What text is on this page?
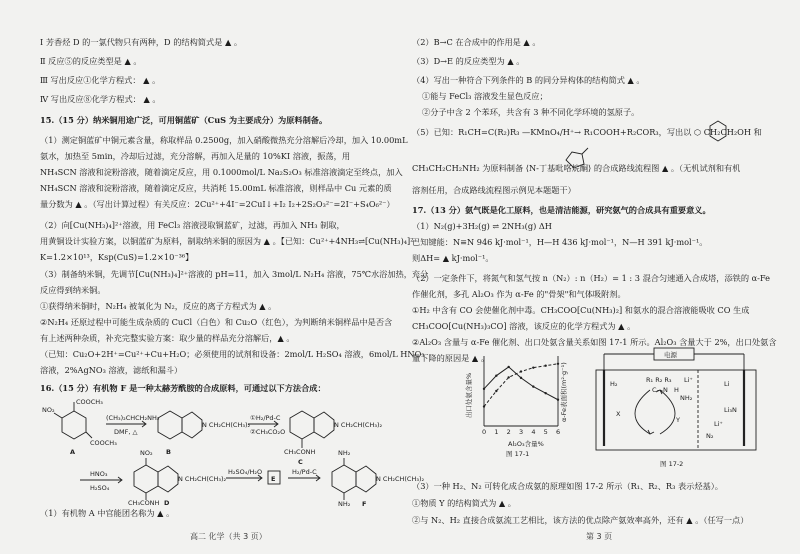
Ⅰ 芳香烃 D 的一氯代物只有两种，D 的结构简式是 ▲ 。
Ⅱ 反应⑤的反应类型是 ▲ 。
Ⅲ 写出反应①化学方程式： ▲ 。
Ⅳ 写出反应⑧化学方程式： ▲ 。
15.（15 分）纳米铜用途广泛，可用铜蓝矿（CuS 为主要成分）为原料制备。
（1）测定铜蓝矿中铜元素含量，称取样品 0.2500g，加入硝酸微热充分溶解后冷却，加入 10.00mL
氨水，加热至 5min，冷却后过滤，充分溶解，再加入足量的 10%KI 溶液，振荡，用
NH₄SCN 溶液和淀粉溶液，随着滴定反应，用 0.1000mol/L Na₂S₂O₃ 标准溶液滴定至终点，加入
NH₄SCN 溶液和淀粉溶液，随着滴定反应，共消耗 15.00mL 标准溶液，则样品中 Cu 元素的质
量分数为 ▲ 。（写出计算过程）有关反应：2Cu²⁺+4I⁻=2CuI↓+I₂ I₂+2S₂O₃²⁻=2I⁻+S₄O₆²⁻）
（2）向[Cu(NH₃)₄]²⁺溶液，用 FeCl₃ 溶液浸取铜蓝矿，过滤，再加入 NH₃ 制取，
用黄铜设计实验方案，以铜蓝矿为原料，制取纳米铜的原因为 ▲ 。【已知：Cu²⁺+4NH₃⇌[Cu(NH₃)₄]²⁺
K=1.2×10¹³，Ksp(CuS)=1.2×10⁻³⁶】
（3）制备纳米铜，先调节[Cu(NH₃)₄]²⁺溶液的 pH=11，加入 3mol/L N₂H₄ 溶液，75℃水浴加热，充分
反应得到纳米铜。
①获得纳米铜时，N₂H₄ 被氧化为 N₂，反应的离子方程式为 ▲ 。
②N₂H₄ 还原过程中可能生成杂质的 CuCl（白色）和 Cu₂O（红色），为判断纳米铜样品中是否含
有上述两种杂质，补充完整实验方案：取少量的样品充分溶解后，▲ 。
（已知：Cu₂O+2H⁺=Cu²⁺+Cu+H₂O；必须使用的试剂和设备：2mol/L H₂SO₄ 溶液，6mol/L HNO₃
溶液，2%AgNO₃ 溶液，滤纸和漏斗）
16.（15 分）有机物 F 是一种太赫芳酰胺的合成原料，可通过以下方法合成：
（1）有机物 A 中官能团名称为 ▲ 。
COOCH₃
NO₂
COOCH₃
A
(CH₃)₂CHCH₂NH₂
DMF, △
N CH₂CH(CH₃)₂
B
①H₂/Pd-C
②CH₃CO₂O
N CH₂CH(CH₃)₂
CH₃CONH
C
NO₂
HNO₃
H₂SO₄
N CH₂CH(CH₃)₂
CH₃CONH D
H₂SO₄/H₂O
E
H₂/Pd-C
NH₂
N CH₂CH(CH₃)₂
NH₂ F
高二 化学（共 3 页）
（2）B→C 在合成中的作用是 ▲ 。
（3）D→E 的反应类型为 ▲ 。
（4）写出一种符合下列条件的 B 的同分异构体的结构简式 ▲ 。
①能与 FeCl₃ 溶液发生显色反应；
②分子中含 2 个苯环，共含有 3 种不同化学环境的氢原子。
（5）已知：R₁CH=C(R₂)R₃ —KMnO₄/H⁺→ R₁COOH+R₂COR₃，写出以 ⬡ CH₂CH₂OH 和
CH₃CH₂CH₂NH₂ 为原料制备 ⟨N-丁基吡咯烷酮⟩ 的合成路线流程图 ▲ 。（无机试剂和有机
溶剂任用，合成路线流程图示例见本题题干）
17.（13 分）氨气既是化工原料，也是清洁能源，研究氨气的合成具有重要意义。
（1）N₂(g)+3H₂(g) ⇌ 2NH₃(g) ΔH
已知键能：N≡N 946 kJ·mol⁻¹，H—H 436 kJ·mol⁻¹，N—H 391 kJ·mol⁻¹。
则ΔH= ▲ kJ·mol⁻¹。
（2）一定条件下，将氮气和氢气按 n（N₂）: n（H₂）= 1 : 3 混合匀速通入合成塔，添铁的 α-Fe
作催化剂，多孔 Al₂O₃ 作为 α-Fe 的"骨架"和气体吸附剂。
①H₂ 中含有 CO 会使催化剂中毒。CH₃COO[Cu(NH₃)₂] 和氨水的混合溶液能吸收 CO 生成
CH₃COO[Cu(NH₃)₃CO] 溶液，该反应的化学方程式为 ▲ 。
②Al₂O₃ 含量与 α-Fe 催化剂、出口处氨含量关系如图 17-1 所示。Al₂O₃ 含量大于 2%，出口处氨含
量下降的原因是 ▲ 。
（3）一种 H₂、N₂ 可转化成合成氨的原理如图 17-2 所示（R₁、R₂、R₃ 表示烃基）。
①物质 Y 的结构简式为 ▲ 。
②与 N₂、H₂ 直接合成氨流工艺相比，该方法的优点除产氨效率高外，还有 ▲ 。（任写一点）
0 1 2 3 4 5 6
Al₂O₃含量%
图 17-1
出口处氨含量%	α-Fe表面积(m²·g⁻¹)
电源
H₂	R₁ R₂ R₃
C—N H
Li⁺
NH₂
X
Y
N₂
Li⁺
Li₃N
Li
图 17-2
第 3 页
